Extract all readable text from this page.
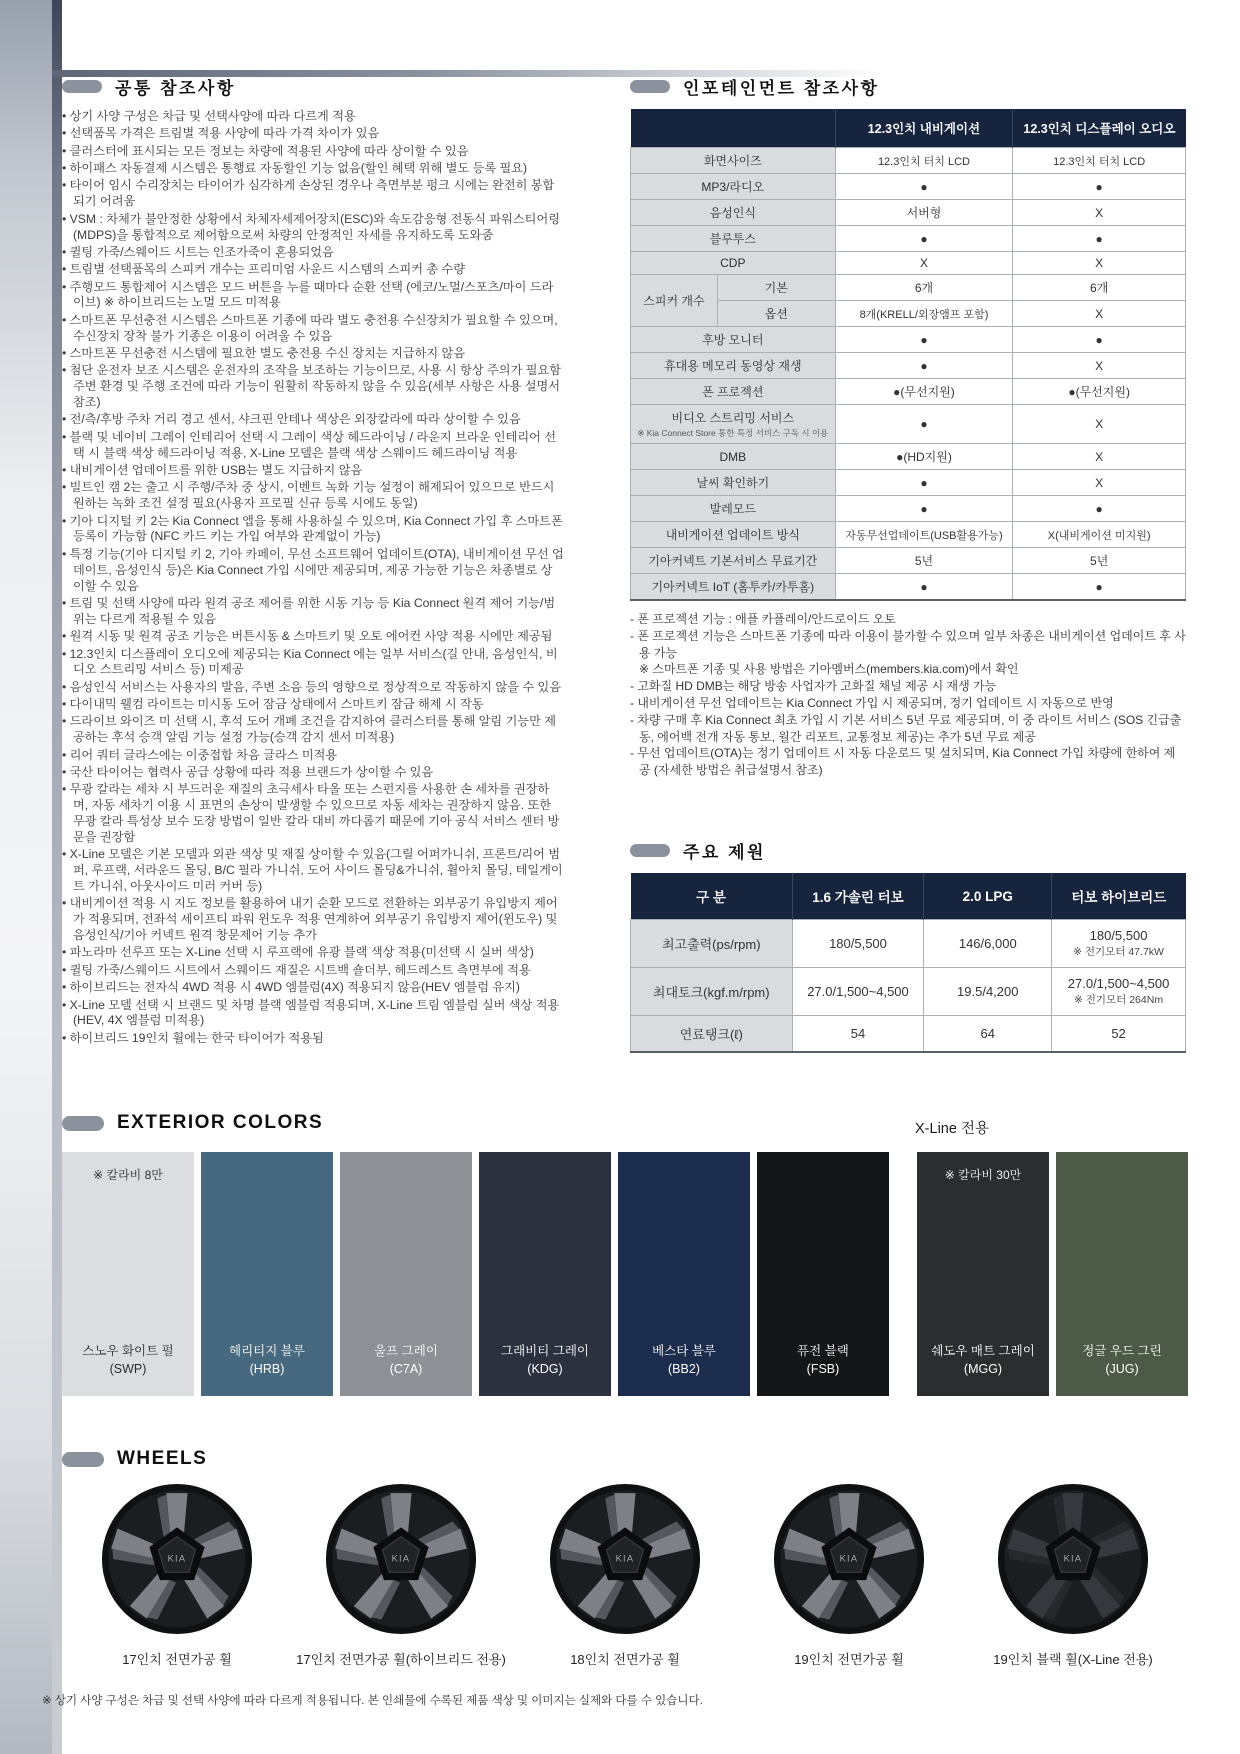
공통 참조사항
• 상기 사양 구성은 차급 및 선택사양에 따라 다르게 적용
• 선택품목 가격은 트림별 적용 사양에 따라 가격 차이가 있음
• 클러스터에 표시되는 모든 정보는 차량에 적용된 사양에 따라 상이할 수 있음
• 하이패스 자동결제 시스템은 통행료 자동할인 기능 없음(할인 혜택 위해 별도 등록 필요)
• 타이어 임시 수리장치는 타이어가 심각하게 손상된 경우나 측면부분 펑크 시에는 완전히 봉합되기 어려움
• VSM : 차체가 불안정한 상황에서 차체자세제어장치(ESC)와 속도감응형 전동식 파워스티어링 (MDPS)을 통합적으로 제어함으로써 차량의 안정적인 자세를 유지하도록 도와줌
• 퀼팅 가죽/스웨이드 시트는 인조가죽이 혼용되었음
• 트림별 선택품목의 스피커 개수는 프리미엄 사운드 시스템의 스피커 총 수량
• 주행모드 통합제어 시스템은 모드 버튼을 누를 때마다 순환 선택 (에코/노멀/스포츠/마이 드라이브) ※ 하이브리드는 노멀 모드 미적용
• 스마트폰 무선충전 시스템은 스마트폰 기종에 따라 별도 충전용 수신장치가 필요할 수 있으며, 수신장치 장착 불가 기종은 이용이 어려울 수 있음
• 스마트폰 무선충전 시스템에 필요한 별도 충전용 수신 장치는 지급하지 않음
• 첨단 운전자 보조 시스템은 운전자의 조작을 보조하는 기능이므로, 사용 시 항상 주의가 필요함 주변 환경 및 주행 조건에 따라 기능이 원활히 작동하지 않을 수 있음(세부 사항은 사용 설명서 참조)
• 전/측/후방 주차 거리 경고 센서, 샤크핀 안테나 색상은 외장칼라에 따라 상이할 수 있음
• 블랙 및 네이비 그레이 인테리어 선택 시 그레이 색상 헤드라이닝 / 라운지 브라운 인테리어 선택 시 블랙 색상 헤드라이닝 적용, X-Line 모델은 블랙 색상 스웨이드 헤드라이닝 적용
• 내비게이션 업데이트를 위한 USB는 별도 지급하지 않음
• 빌트인 캠 2는 출고 시 주행/주차 중 상시, 이벤트 녹화 기능 설정이 해제되어 있으므로 반드시 원하는 녹화 조건 설정 필요(사용자 프로필 신규 등록 시에도 동일)
• 기아 디지털 키 2는 Kia Connect 앱을 통해 사용하실 수 있으며, Kia Connect 가입 후 스마트폰 등록이 가능함 (NFC 카드 키는 가입 여부와 관계없이 가능)
• 특정 기능(기아 디지털 키 2, 기아 카페이, 무선 소프트웨어 업데이트(OTA), 내비게이션 무선 업데이트, 음성인식 등)은 Kia Connect 가입 시에만 제공되며, 제공 가능한 기능은 차종별로 상이할 수 있음
• 트림 및 선택 사양에 따라 원격 공조 제어를 위한 시동 기능 등 Kia Connect 원격 제어 기능/범위는 다르게 적용될 수 있음
• 원격 시동 및 원격 공조 기능은 버튼시동 & 스마트키 및 오토 에어컨 사양 적용 시에만 제공됨
• 12.3인치 디스플레이 오디오에 제공되는 Kia Connect 에는 일부 서비스(길 안내, 음성인식, 비디오 스트리밍 서비스 등) 미제공
• 음성인식 서비스는 사용자의 발음, 주변 소음 등의 영향으로 정상적으로 작동하지 않을 수 있음
• 다이내믹 웰컴 라이트는 미시동 도어 잠금 상태에서 스마트키 잠금 해제 시 작동
• 드라이브 와이즈 미 선택 시, 후석 도어 개폐 조건을 감지하여 클러스터를 통해 알림 기능만 제공하는 후석 승객 알림 기능 설정 가능(승객 감지 센서 미적용)
• 리어 쿼터 글라스에는 이중접합 차음 글라스 미적용
• 국산 타이어는 협력사 공급 상황에 따라 적용 브랜드가 상이할 수 있음
• 무광 칼라는 세차 시 부드러운 재질의 초극세사 타올 또는 스펀지를 사용한 손 세차를 권장하며, 자동 세차기 이용 시 표면의 손상이 발생할 수 있으므로 자동 세차는 권장하지 않음. 또한 무광 칼라 특성상 보수 도장 방법이 일반 칼라 대비 까다롭기 때문에 기아 공식 서비스 센터 방문을 권장함
• X-Line 모델은 기본 모델과 외관 색상 및 재질 상이할 수 있음(그릴 어퍼가니쉬, 프론트/리어 범퍼, 루프랙, 서라운드 몰딩, B/C 필라 가니쉬, 도어 사이드 몰딩&가니쉬, 휠아치 몰딩, 테일게이트 가니쉬, 아웃사이드 미러 커버 등)
• 내비게이션 적용 시 지도 정보를 활용하여 내기 순환 모드로 전환하는 외부공기 유입방지 제어가 적용되며, 전좌석 세이프티 파워 윈도우 적용 연계하여 외부공기 유입방지 제어(윈도우) 및 음성인식/기아 커넥트 원격 창문제어 기능 추가
• 파노라마 선루프 또는 X-Line 선택 시 루프랙에 유광 블랙 색상 적용(미선택 시 실버 색상)
• 퀼팅 가죽/스웨이드 시트에서 스웨이드 재질은 시트백 숄더부, 헤드레스트 측면부에 적용
• 하이브리드는 전자식 4WD 적용 시 4WD 엠블럼(4X) 적용되지 않음(HEV 엠블럼 유지)
• X-Line 모델 선택 시 브랜드 및 차명 블랙 엠블럼 적용되며, X-Line 트림 엠블럼 실버 색상 적용 (HEV, 4X 엠블럼 미적용)
• 하이브리드 19인치 휠에는 한국 타이어가 적용됨
인포테인먼트 참조사항
		12.3인치 내비게이션	12.3인치 디스플레이 오디오
화면사이즈		12.3인치 터치 LCD	12.3인치 터치 LCD
MP3/라디오		●	●
음성인식		서버형	X
블루투스		●	●
CDP		X	X
스피커 개수	기본	6개	6개
	옵션	8개(KRELL/외장앰프 포함)	X
후방 모니터		●	●
휴대용 메모리 동영상 재생		●	X
폰 프로젝션		●(무선지원)	●(무선지원)
비디오 스트리밍 서비스
※ Kia Connect Store 통한 특정 서비스 구독 시 이용		●	X
DMB		●(HD지원)	X
날씨 확인하기		●	X
발레모드		●	●
내비게이션 업데이트 방식		자동무선업데이트(USB활용가능)	X(내비게이션 미지원)
기아커넥트 기본서비스 무료기간		5년	5년
기아커넥트 IoT (홈투카/카투홈)		●	●
- 폰 프로젝션 기능 : 애플 카플레이/안드로이드 오토
- 폰 프로젝션 기능은 스마트폰 기종에 따라 이용이 불가할 수 있으며 일부 차종은 내비게이션 업데이트 후 사용 가능
※ 스마트폰 기종 및 사용 방법은 기아멤버스(members.kia.com)에서 확인
- 고화질 HD DMB는 해당 방송 사업자가 고화질 채널 제공 시 재생 가능
- 내비게이션 무선 업데이트는 Kia Connect 가입 시 제공되며, 정기 업데이트 시 자동으로 반영
- 차량 구매 후 Kia Connect 최초 가입 시 기본 서비스 5년 무료 제공되며, 이 중 라이트 서비스 (SOS 긴급출동, 에어백 전개 자동 통보, 월간 리포트, 교통정보 제공)는 추가 5년 무료 제공
- 무선 업데이트(OTA)는 정기 업데이트 시 자동 다운로드 및 설치되며, Kia Connect 가입 차량에 한하여 제공 (자세한 방법은 취급설명서 참조)
주요 제원
구 분	1.6 가솔린 터보	2.0 LPG	터보 하이브리드
최고출력(ps/rpm)	180/5,500	146/6,000	180/5,500
※ 전기모터 47.7kW

최대토크(kgf.m/rpm)	27.0/1,500~4,500	19.5/4,200	27.0/1,500~4,500
※ 전기모터 264Nm

연료탱크(ℓ)	54	64	52
EXTERIOR COLORS	X-Line 전용
※ 칼라비 8만
스노우 화이트 펄
(SWP)
헤리티지 블루
(HRB)
울프 그레이
(C7A)
그래비티 그레이
(KDG)
베스타 블루
(BB2)
퓨전 블랙
(FSB)
※ 칼라비 30만
쉐도우 매트 그레이
(MGG)
정글 우드 그린
(JUG)
WHEELS
KIA
17인치 전면가공 휠
KIA
17인치 전면가공 휠(하이브리드 전용)
KIA
18인치 전면가공 휠
KIA
19인치 전면가공 휠
KIA
19인치 블랙 휠(X-Line 전용)
※ 상기 사양 구성은 차급 및 선택 사양에 따라 다르게 적용됩니다. 본 인쇄물에 수록된 제품 색상 및 이미지는 실제와 다를 수 있습니다.
